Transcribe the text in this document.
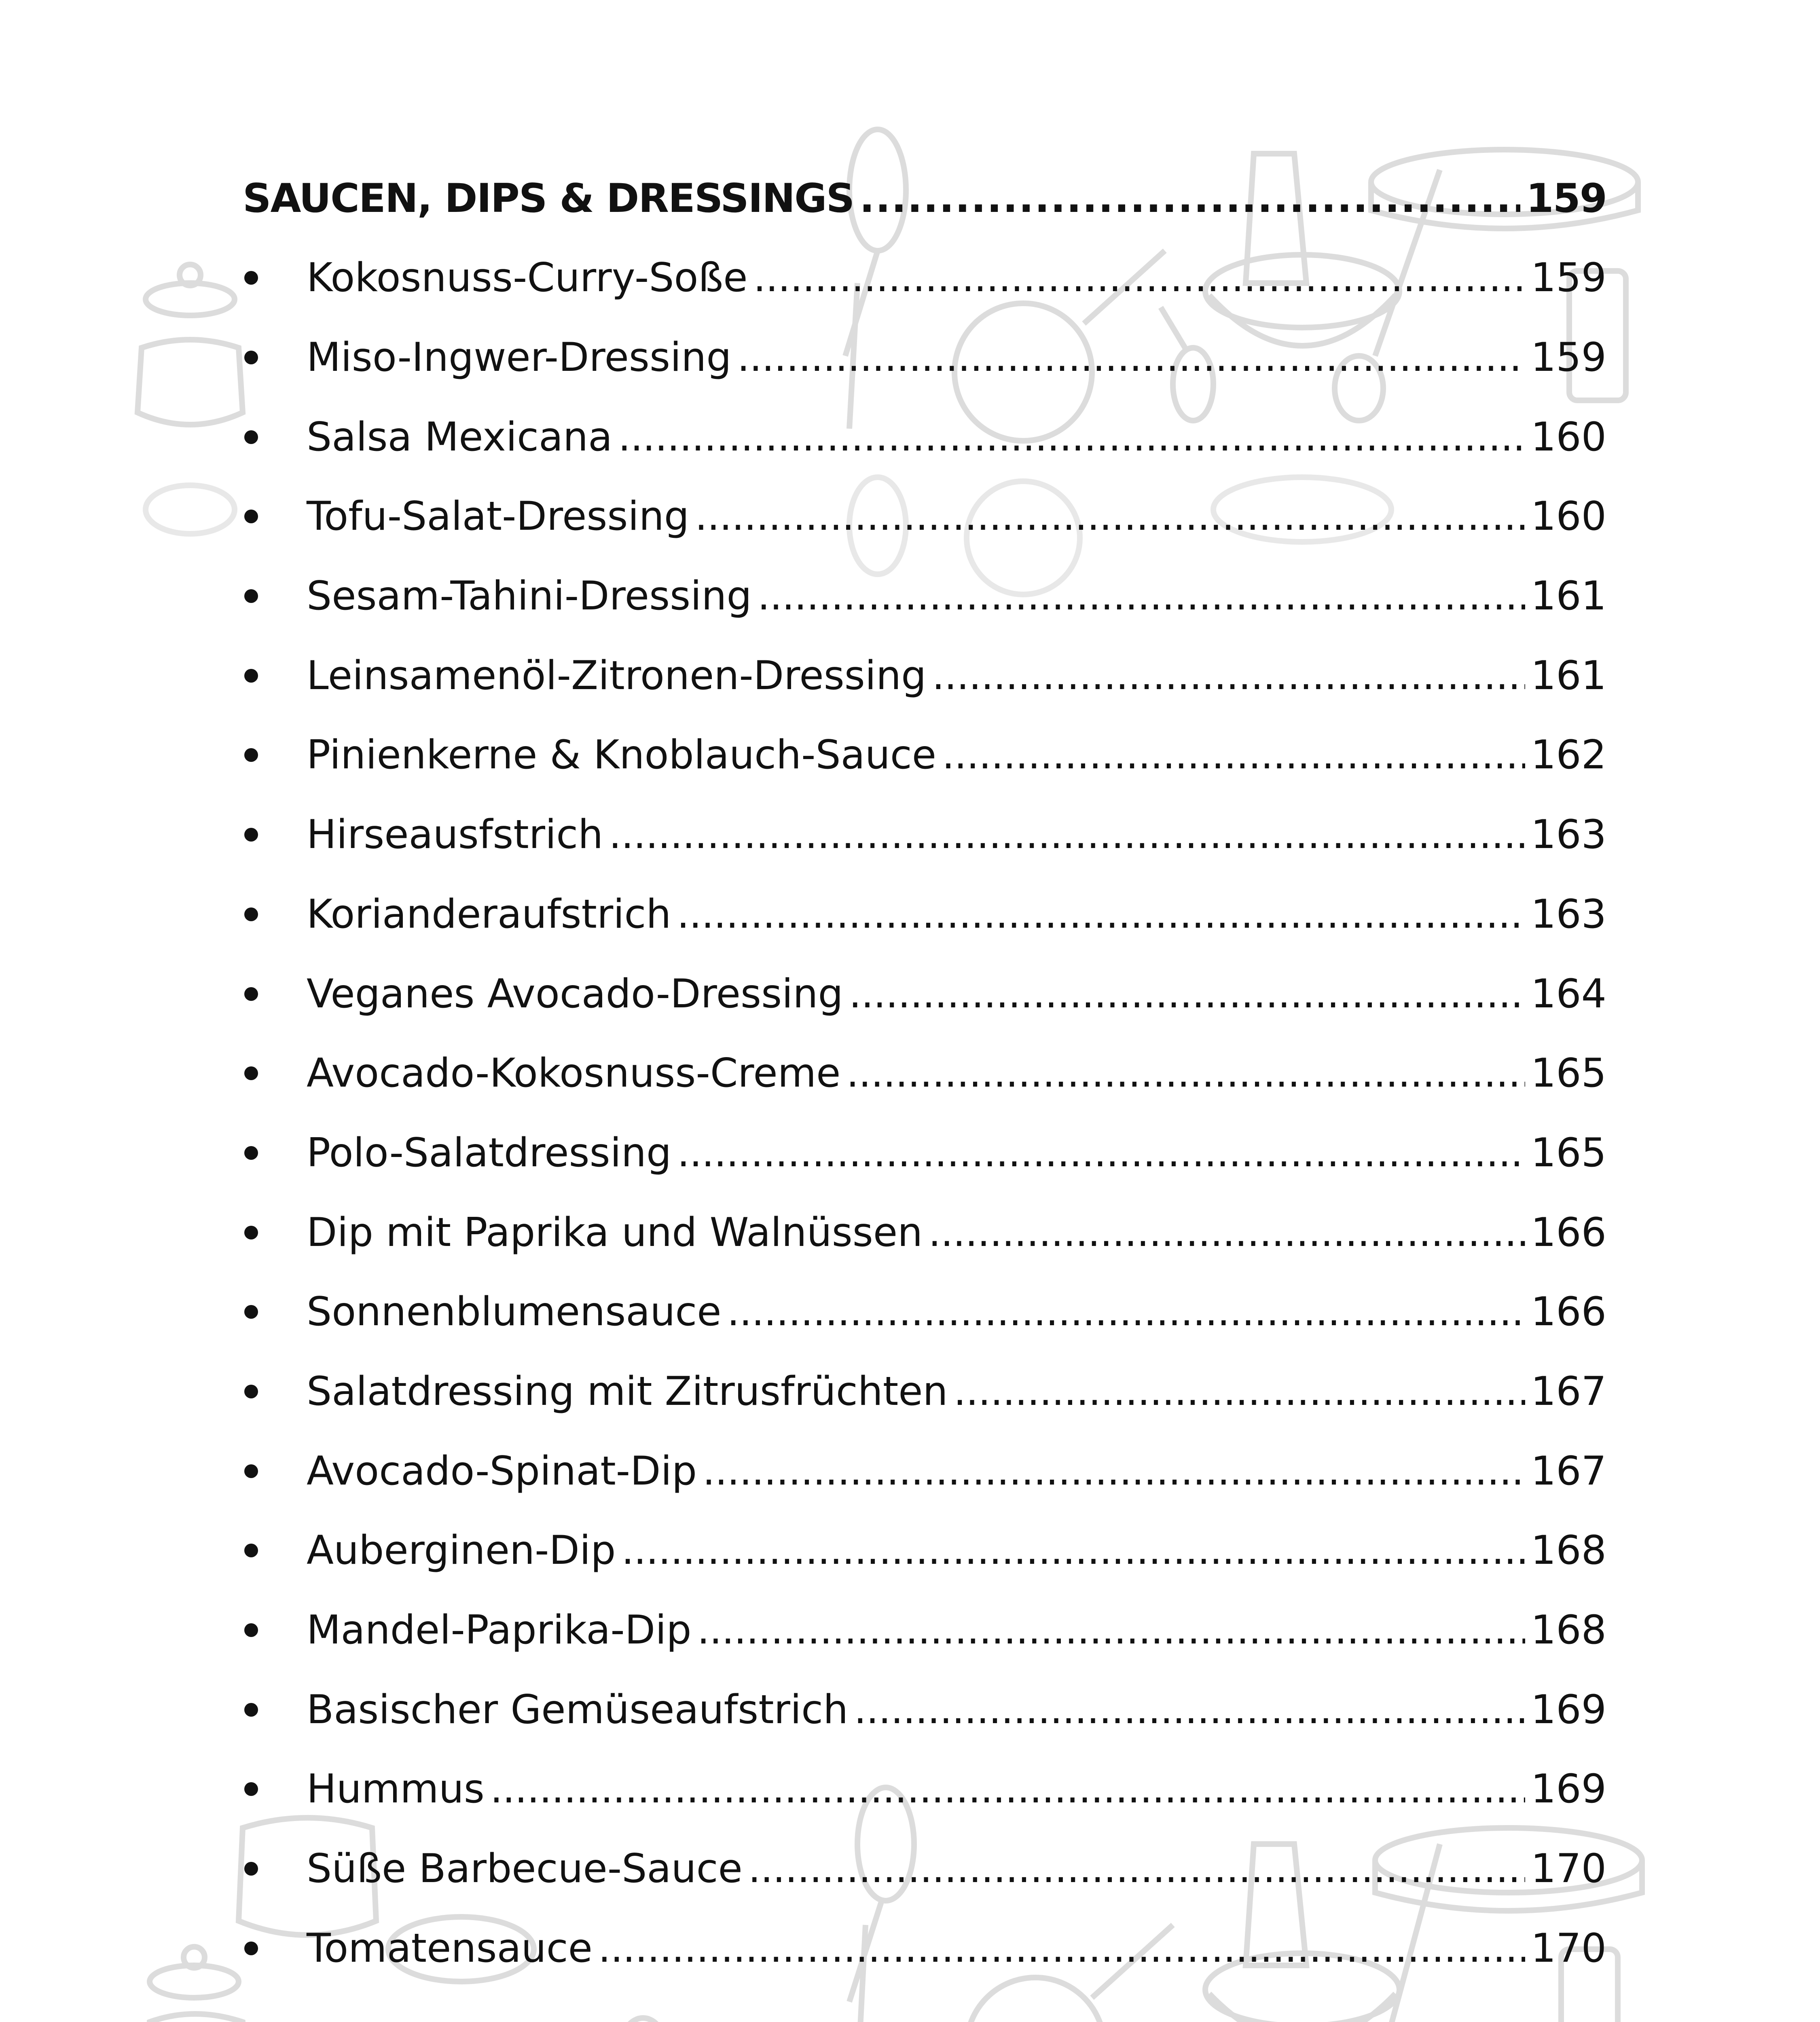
SAUCEN, DIPS & DRESSINGS . . .	159
Kokosnuss-Curry-Soße . . .	159
Miso-Ingwer-Dressing . . .	159
Salsa Mexicana . . .	160
Tofu-Salat-Dressing . . .	160
Sesam-Tahini-Dressing . . .	161
Leinsamenöl-Zitronen-Dressing . . .	161
Pinienkerne & Knoblauch-Sauce . . .	162
Hirseausfstrich . . .	163
Korianderaufstrich . . .	163
Veganes Avocado-Dressing . . .	164
Avocado-Kokosnuss-Creme . . .	165
Polo-Salatdressing . . .	165
Dip mit Paprika und Walnüssen . . .	166
Sonnenblumensauce . . .	166
Salatdressing mit Zitrusfrüchten . . .	167
Avocado-Spinat-Dip . . .	167
Auberginen-Dip . . .	168
Mandel-Paprika-Dip . . .	168
Basischer Gemüseaufstrich . . .	169
Hummus . . .	169
Süße Barbecue-Sauce . . .	170
Tomatensauce . . .	170
